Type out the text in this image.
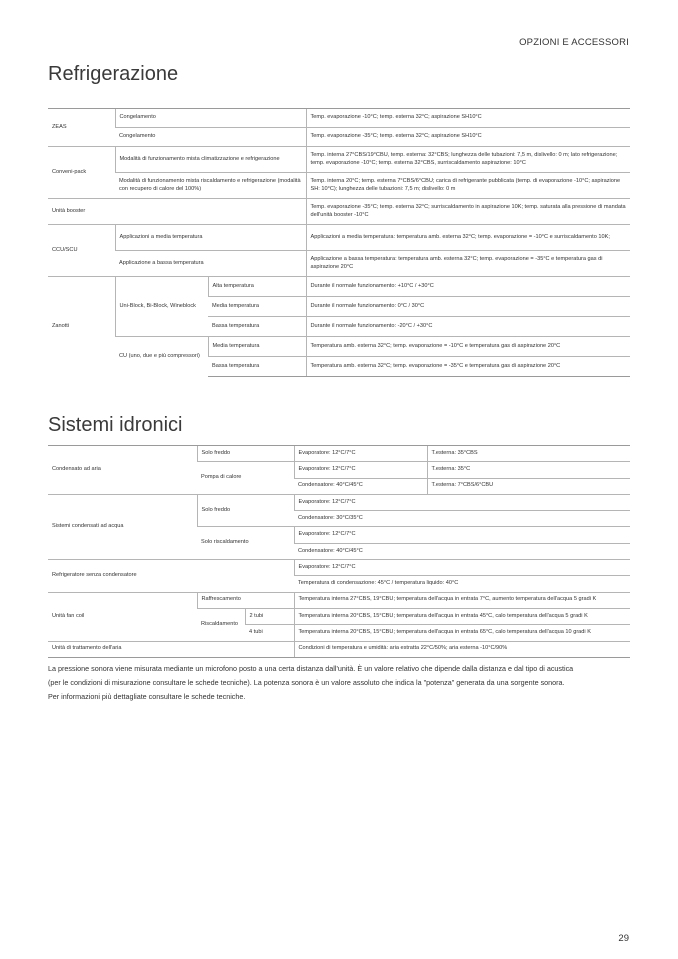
OPZIONI E ACCESSORI
Refrigerazione
ZEAS	Congelamento		Temp. evaporazione -10°C; temp. esterna 32°C; aspirazione SH10°C
	Congelamento		Temp. evaporazione -35°C; temp. esterna 32°C; aspirazione SH10°C
Conveni-pack	Modalità di funzionamento mista climatizzazione e refrigerazione		Temp. interna 27°CBS/19°CBU, temp. esterna: 32°CBS; lunghezza delle tubazioni: 7,5 m, dislivello: 0 m; lato refrigerazione; temp. evaporazione -10°C; temp. esterna 32°CBS, surriscaldamento aspirazione: 10°C
	Modalità di funzionamento mista riscaldamento e refrigerazione (modalità con recupero di calore del 100%)		Temp. interna 20°C; temp. esterna 7°CBS/6°CBU; carica di refrigerante pubblicata (temp. di evaporazione -10°C; aspirazione SH: 10°C); lunghezza delle tubazioni: 7,5 m; dislivello: 0 m
Unità booster			Temp. evaporazione -35°C; temp. esterna 32°C; surriscaldamento in aspirazione 10K; temp. saturata alla pressione di mandata dell'unità booster -10°C
CCU/SCU	Applicazioni a media temperatura		Applicazioni a media temperatura: temperatura amb. esterna 32°C; temp. evaporazione = -10°C e surriscaldamento 10K;
	Applicazione a bassa temperatura		Applicazione a bassa temperatura: temperatura amb. esterna 32°C; temp. evaporazione = -35°C e temperatura gas di aspirazione 20°C
Zanotti	Uni-Block, Bi-Block, Wineblock	Alta temperatura	Durante il normale funzionamento: +10°C / +30°C
		Media temperatura	Durante il normale funzionamento: 0°C / 30°C
		Bassa temperatura	Durante il normale funzionamento: -20°C / +30°C
	CU (uno, due e più compressori)	Media temperatura	Temperatura amb. esterna 32°C; temp. evaporazione = -10°C e temperatura gas di aspirazione 20°C
		Bassa temperatura	Temperatura amb. esterna 32°C; temp. evaporazione = -35°C e temperatura gas di aspirazione 20°C
Sistemi idronici
Condensato ad aria	Solo freddo		Evaporatore: 12°C/7°C	T.esterna: 35°CBS
	Pompa di calore		Evaporatore: 12°C/7°C	T.esterna: 35°C
			Condensatore: 40°C/45°C	T.esterna: 7°CBS/6°CBU
Sistemi condensati ad acqua	Solo freddo		Evaporatore: 12°C/7°C	
			Condensatore: 30°C/35°C	
	Solo riscaldamento		Evaporatore: 12°C/7°C	
			Condensatore: 40°C/45°C	
Refrigeratore senza condensatore			Evaporatore: 12°C/7°C	
			Temperatura di condensazione: 45°C / temperatura liquido: 40°C	
Unità fan coil	Raffrescamento		Temperatura interna 27°CBS, 19°CBU; temperatura dell'acqua in entrata 7°C, aumento temperatura dell'acqua 5 gradi K	
	Riscaldamento	2 tubi	Temperatura interna 20°CBS, 15°CBU; temperatura dell'acqua in entrata 45°C, calo temperatura dell'acqua 5 gradi K	
		4 tubi	Temperatura interna 20°CBS, 15°CBU; temperatura dell'acqua in entrata 65°C, calo temperatura dell'acqua 10 gradi K	
Unità di trattamento dell'aria			Condizioni di temperatura e umidità: aria estratta 22°C/50%; aria esterna -10°C/90%	

La pressione sonora viene misurata mediante un microfono posto a una certa distanza dall'unità. È un valore relativo che dipende dalla distanza e dal tipo di acustica

(per le condizioni di misurazione consultare le schede tecniche). La potenza sonora è un valore assoluto che indica la "potenza" generata da una sorgente sonora.

Per informazioni più dettagliate consultare le schede tecniche.

29
